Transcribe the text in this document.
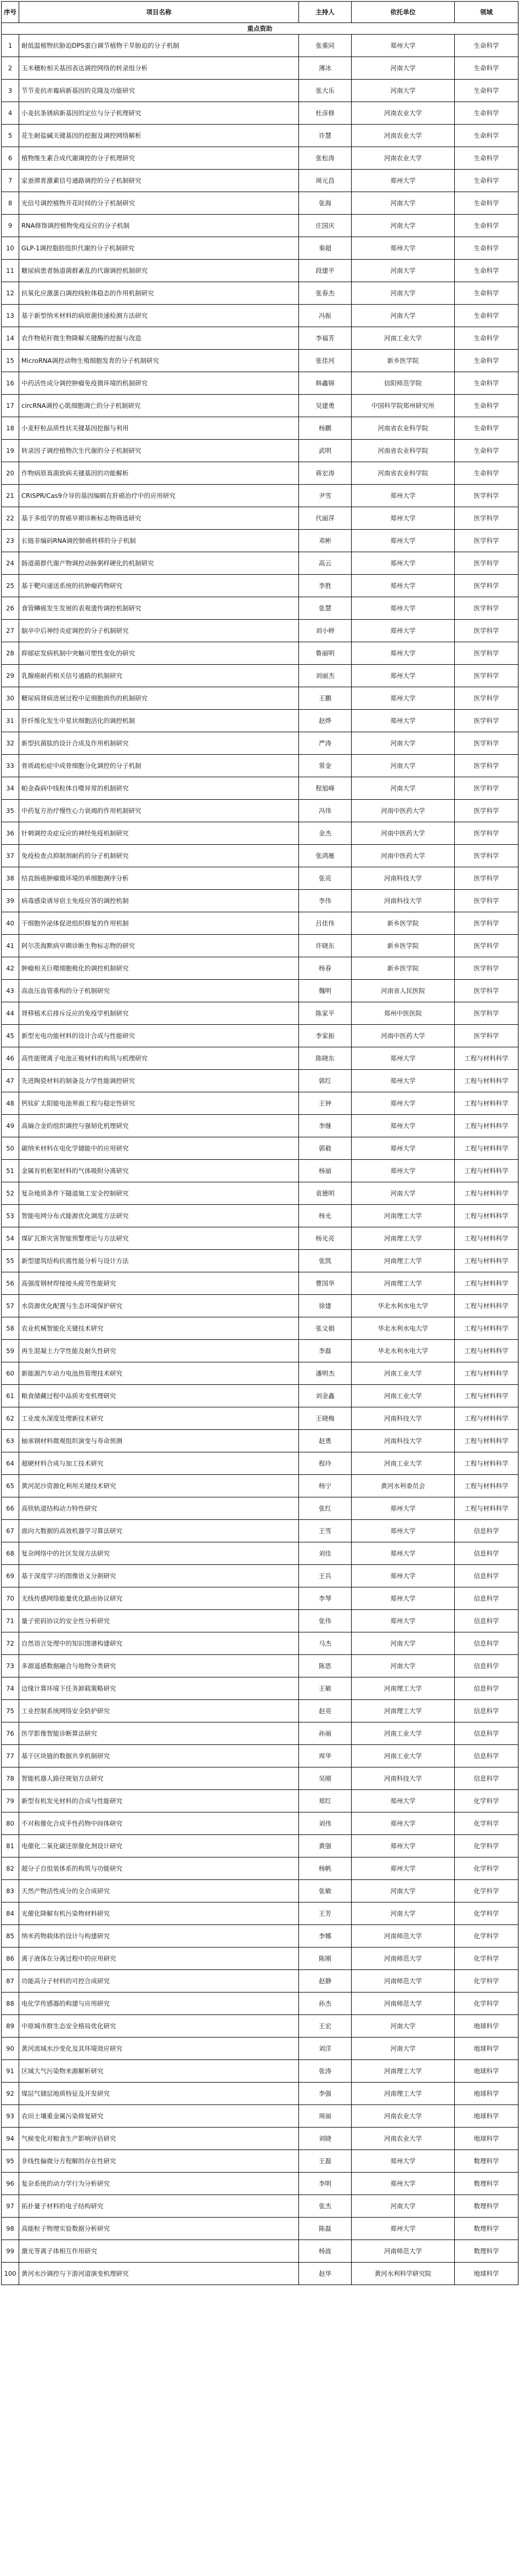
序号	项目名称	主持人	依托单位	领域
重点资助				
1	耐低温植物抗胁迫DPS蛋白调节植物干旱胁迫的分子机制	张重同	郑州大学	生命科学
2	玉米穗粒相关基因表达调控网络的转录组分析	薄冰	河南大学	生命科学
3	节节麦抗赤霉病新基因的克隆及功能研究	张大乐	河南大学	生命科学
4	小麦抗条锈病新基因的定位与分子机理研究	杜彦修	河南农业大学	生命科学
5	花生耐盐碱关键基因的挖掘及调控网络解析	许慧	河南农业大学	生命科学
6	植物维生素合成代谢调控的分子机理研究	张松涛	河南农业大学	生命科学
7	家蚕滞育激素信号通路调控的分子机制研究	周元昌	郑州大学	生命科学
8	光信号调控植物开花时间的分子机制研究	张海	河南大学	生命科学
9	RNA修饰调控植物免疫反应的分子机制	庄国庆	河南大学	生命科学
10	GLP-1调控脂肪组织代谢的分子机制研究	秦超	郑州大学	生命科学
11	糖尿病患者肠道菌群紊乱的代谢调控机制研究	段建平	河南大学	生命科学
12	抗氧化应激蛋白调控线粒体稳态的作用机制研究	张春杰	河南大学	生命科学
13	基于新型纳米材料的病原菌快速检测方法研究	冯振	河南大学	生命科学
14	农作物秸秆微生物降解关键酶的挖掘与改造	李福芳	河南工业大学	生命科学
15	MicroRNA调控动物生殖细胞发育的分子机制研究	张佳河	新乡医学院	生命科学
16	中药活性成分调控肿瘤免疫微环境的机制研究	韩鑫锦	信阳师范学院	生命科学
17	circRNA调控心肌细胞凋亡的分子机制研究	吴建勇	中国科学院郑州研究所	生命科学
18	小麦籽粒品质性状关键基因挖掘与利用	杨鹏	河南省农业科学院	生命科学
19	转录因子调控植物次生代谢的分子机制研究	武明	河南省农业科学院	生命科学
20	作物病原真菌致病关键基因的功能解析	蒋宏涛	河南省农业科学院	生命科学
21	CRISPR/Cas9介导的基因编辑在肝癌治疗中的应用研究	尹雪	郑州大学	医学科学
22	基于多组学的胃癌早期诊断标志物筛选研究	代丽萍	郑州大学	医学科学
23	长链非编码RNA调控肺癌转移的分子机制	邓彬	郑州大学	医学科学
24	肠道菌群代谢产物调控动脉粥样硬化的机制研究	高云	郑州大学	医学科学
25	基于靶向递送系统的抗肿瘤药物研究	李胜	郑州大学	医学科学
26	食管鳞癌发生发展的表观遗传调控机制研究	张慧	郑州大学	医学科学
27	脑卒中后神经炎症调控的分子机制研究	刘小婷	郑州大学	医学科学
28	抑郁症发病机制中突触可塑性变化的研究	鲁丽明	郑州大学	医学科学
29	乳腺癌耐药相关信号通路的机制研究	刘丽杰	郑州大学	医学科学
30	糖尿病肾病进展过程中足细胞损伤的机制研究	王鹏	郑州大学	医学科学
31	肝纤维化发生中星状细胞活化的调控机制	赵烨	郑州大学	医学科学
32	新型抗菌肽的设计合成及作用机制研究	严涛	河南大学	医学科学
33	骨质疏松症中成骨细胞分化调控的分子机制	常金	河南大学	医学科学
34	帕金森病中线粒体自噬异常的机制研究	程旭峰	河南大学	医学科学
35	中药复方治疗慢性心力衰竭的作用机制研究	冯伟	河南中医药大学	医学科学
36	针刺调控炎症反应的神经免疫机制研究	金杰	河南中医药大学	医学科学
37	免疫检查点抑制剂耐药的分子机制研究	张鸿雁	河南中医药大学	医学科学
38	结直肠癌肿瘤微环境的单细胞测序分析	张亮	河南科技大学	医学科学
39	病毒感染诱导宿主免疫应答的调控机制	李伟	河南科技大学	医学科学
40	干细胞外泌体促进组织修复的作用机制	吕佳伟	新乡医学院	医学科学
41	阿尔茨海默病早期诊断生物标志物的研究	许晓东	新乡医学院	医学科学
42	肿瘤相关巨噬细胞极化的调控机制研究	杨春	新乡医学院	医学科学
43	高血压血管重构的分子机制研究	魏明	河南省人民医院	医学科学
44	肾移植术后排斥反应的免疫学机制研究	陈家平	郑州中医医院	医学科学
45	新型光电功能材料的设计合成与性能研究	李家振	河南中医药大学	医学科学
46	高性能锂离子电池正极材料的构筑与机理研究	陈晓东	郑州大学	工程与材料科学
47	先进陶瓷材料的制备及力学性能调控研究	郭红	郑州大学	工程与材料科学
48	钙钛矿太阳能电池界面工程与稳定性研究	王钟	郑州大学	工程与材料科学
49	高熵合金的组织调控与强韧化机理研究	李继	郑州大学	工程与材料科学
50	碳纳米材料在电化学储能中的应用研究	郭毅	郑州大学	工程与材料科学
51	金属有机框架材料的气体吸附分离研究	杨丽	郑州大学	工程与材料科学
52	复杂地质条件下隧道施工安全控制研究	袁德明	河南大学	工程与材料科学
53	智能电网分布式能源优化调度方法研究	杨光	河南理工大学	工程与材料科学
54	煤矿瓦斯灾害智能预警理论与方法研究	杨光亮	河南理工大学	工程与材料科学
55	新型建筑结构抗震性能分析与设计方法	张凯	河南理工大学	工程与材料科学
56	高强度钢材焊接接头疲劳性能研究	曹国华	河南理工大学	工程与材料科学
57	水资源优化配置与生态环境保护研究	徐建	华北水利水电大学	工程与材料科学
58	农业机械智能化关键技术研究	张文娟	华北水利水电大学	工程与材料科学
59	再生混凝土力学性能及耐久性研究	李磊	华北水利水电大学	工程与材料科学
60	新能源汽车动力电池热管理技术研究	潘明杰	河南工业大学	工程与材料科学
61	粮食储藏过程中品质劣变机理研究	刘金鑫	河南工业大学	工程与材料科学
62	工业废水深度处理新技术研究	王晓梅	河南科技大学	工程与材料科学
63	轴承钢材料微观组织演变与寿命预测	赵勇	河南科技大学	工程与材料科学
64	超硬材料合成与加工技术研究	程玲	河南工业大学	工程与材料科学
65	黄河泥沙资源化利用关键技术研究	杨宁	黄河水利委员会	工程与材料科学
66	高铁轨道结构动力特性研究	张红	郑州大学	工程与材料科学
67	面向大数据的高效机器学习算法研究	王雪	郑州大学	信息科学
68	复杂网络中的社区发现方法研究	刘佳	郑州大学	信息科学
69	基于深度学习的图像语义分割研究	王兵	郑州大学	信息科学
70	无线传感网络能量优化路由协议研究	李琴	郑州大学	信息科学
71	量子密码协议的安全性分析研究	张伟	郑州大学	信息科学
72	自然语言处理中的知识图谱构建研究	马杰	河南大学	信息科学
73	多源遥感数据融合与地物分类研究	陈思	河南大学	信息科学
74	边缘计算环境下任务卸载策略研究	王敏	河南理工大学	信息科学
75	工业控制系统网络安全防护研究	赵亮	河南理工大学	信息科学
76	医学影像智能诊断算法研究	孙丽	河南工业大学	信息科学
77	基于区块链的数据共享机制研究	周华	河南工业大学	信息科学
78	智能机器人路径规划方法研究	吴刚	河南科技大学	信息科学
79	新型有机发光材料的合成与性能研究	郑红	郑州大学	化学科学
80	不对称催化合成手性药物中间体研究	刘伟	郑州大学	化学科学
81	电催化二氧化碳还原催化剂设计研究	黄强	郑州大学	化学科学
82	超分子自组装体系的构筑与功能研究	杨帆	郑州大学	化学科学
83	天然产物活性成分的全合成研究	张敏	河南大学	化学科学
84	光催化降解有机污染物材料研究	王芳	河南大学	化学科学
85	纳米药物载体的设计与构建研究	李娜	河南师范大学	化学科学
86	离子液体在分离过程中的应用研究	陈刚	河南师范大学	化学科学
87	功能高分子材料的可控合成研究	赵静	河南师范大学	化学科学
88	电化学传感器的构建与应用研究	孙杰	河南师范大学	化学科学
89	中原城市群生态安全格局优化研究	王宏	河南大学	地球科学
90	黄河流域水沙变化及其环境效应研究	刘洋	河南大学	地球科学
91	区域大气污染物来源解析研究	张涛	河南理工大学	地球科学
92	煤层气储层地质特征及开发研究	李强	河南理工大学	地球科学
93	农田土壤重金属污染修复研究	周丽	河南农业大学	地球科学
94	气候变化对粮食生产影响评估研究	刘晓	河南农业大学	地球科学
95	非线性偏微分方程解的存在性研究	王磊	郑州大学	数理科学
96	复杂系统的动力学行为分析研究	李明	郑州大学	数理科学
97	拓扑量子材料的电子结构研究	张杰	河南大学	数理科学
98	高能粒子物理实验数据分析研究	陈磊	郑州大学	数理科学
99	激光等离子体相互作用研究	杨波	河南师范大学	数理科学
100	黄河水沙调控与下游河道演变机理研究	赵华	黄河水利科学研究院	地球科学
